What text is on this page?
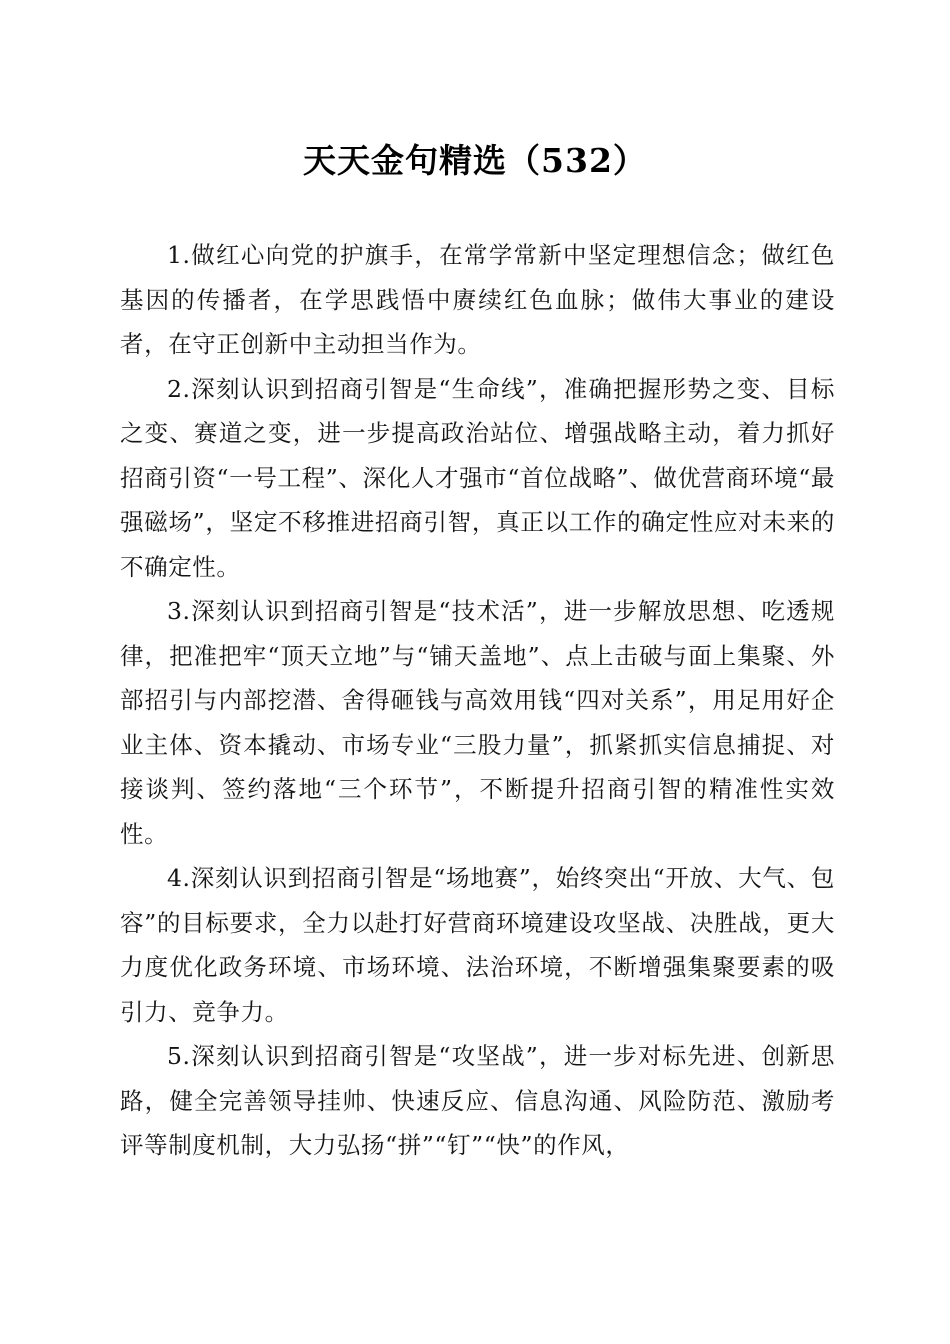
天天金句精选（532）

1.做红心向党的护旗手，在常学常新中坚定理想信念；做红色基因的传播者，在学思践悟中赓续红色血脉；做伟大事业的建设者，在守正创新中主动担当作为。

2.深刻认识到招商引智是“生命线”，准确把握形势之变、目标之变、赛道之变，进一步提高政治站位、增强战略主动，着力抓好招商引资“一号工程”、深化人才强市“首位战略”、做优营商环境“最强磁场”，坚定不移推进招商引智，真正以工作的确定性应对未来的不确定性。

3.深刻认识到招商引智是“技术活”，进一步解放思想、吃透规律，把准把牢“顶天立地”与“铺天盖地”、点上击破与面上集聚、外部招引与内部挖潜、舍得砸钱与高效用钱“四对关系”，用足用好企业主体、资本撬动、市场专业“三股力量”，抓紧抓实信息捕捉、对接谈判、签约落地“三个环节”，不断提升招商引智的精准性实效性。

4.深刻认识到招商引智是“场地赛”，始终突出“开放、大气、包容”的目标要求，全力以赴打好营商环境建设攻坚战、决胜战，更大力度优化政务环境、市场环境、法治环境，不断增强集聚要素的吸引力、竞争力。

5.深刻认识到招商引智是“攻坚战”，进一步对标先进、创新思路，健全完善领导挂帅、快速反应、信息沟通、风险防范、激励考评等制度机制，大力弘扬“拼”“钉”“快”的作风，
